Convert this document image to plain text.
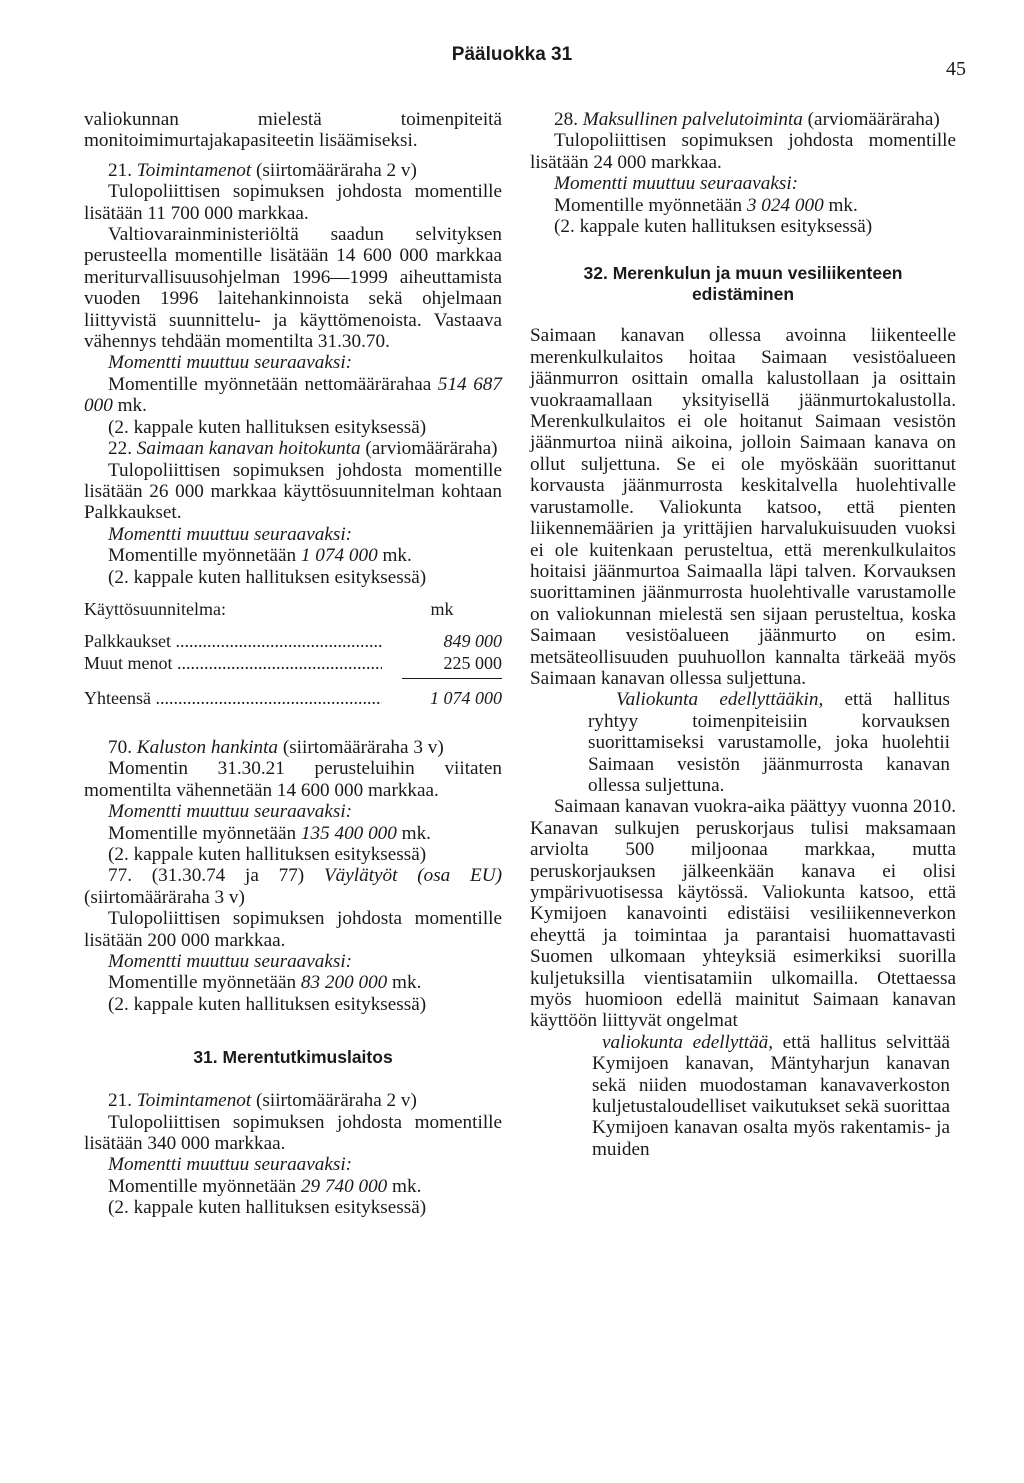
Pääluokka 31
45

valiokunnan mielestä toimenpiteitä monitoimimurtajakapasiteetin lisäämiseksi.

21. Toimintamenot (siirtomääräraha 2 v)

Tulopoliittisen sopimuksen johdosta momentille lisätään 11 700 000 markkaa.

Valtiovarainministeriöltä saadun selvityksen perusteella momentille lisätään 14 600 000 markkaa meriturvallisuusohjelman 1996—1999 aiheuttamista vuoden 1996 laitehankinnoista sekä ohjelmaan liittyvistä suunnittelu- ja käyttömenoista. Vastaava vähennys tehdään momentilta 31.30.70.

Momentti muuttuu seuraavaksi:

Momentille myönnetään nettomäärärahaa 514 687 000 mk.

(2. kappale kuten hallituksen esityksessä)

22. Saimaan kanavan hoitokunta (arviomääräraha)

Tulopoliittisen sopimuksen johdosta momentille lisätään 26 000 markkaa käyttösuunnitelman kohtaan Palkkaukset.

Momentti muuttuu seuraavaksi:

Momentille myönnetään 1 074 000 mk.

(2. kappale kuten hallituksen esityksessä)

Käyttösuunnitelma:	mk
Palkkaukset .....	849 000
Muut menot .....	225 000
Yhteensä .....	1 074 000

70. Kaluston hankinta (siirtomääräraha 3 v)

Momentin 31.30.21 perusteluihin viitaten momentilta vähennetään 14 600 000 markkaa.

Momentti muuttuu seuraavaksi:

Momentille myönnetään 135 400 000 mk.

(2. kappale kuten hallituksen esityksessä)

77. (31.30.74 ja 77) Väylätyöt (osa EU) (siirtomääräraha 3 v)

Tulopoliittisen sopimuksen johdosta momentille lisätään 200 000 markkaa.

Momentti muuttuu seuraavaksi:

Momentille myönnetään 83 200 000 mk.

(2. kappale kuten hallituksen esityksessä)

31. Merentutkimuslaitos

21. Toimintamenot (siirtomääräraha 2 v)

Tulopoliittisen sopimuksen johdosta momentille lisätään 340 000 markkaa.

Momentti muuttuu seuraavaksi:

Momentille myönnetään 29 740 000 mk.

(2. kappale kuten hallituksen esityksessä)

28. Maksullinen palvelutoiminta (arviomääräraha)

Tulopoliittisen sopimuksen johdosta momentille lisätään 24 000 markkaa.

Momentti muuttuu seuraavaksi:

Momentille myönnetään 3 024 000 mk.

(2. kappale kuten hallituksen esityksessä)

32. Merenkulun ja muun vesiliikenteen edistäminen

Saimaan kanavan ollessa avoinna liikenteelle merenkulkulaitos hoitaa Saimaan vesistöalueen jäänmurron osittain omalla kalustollaan ja osittain vuokraamallaan yksityisellä jäänmurtokalustolla. Merenkulkulaitos ei ole hoitanut Saimaan vesistön jäänmurtoa niinä aikoina, jolloin Saimaan kanava on ollut suljettuna. Se ei ole myöskään suorittanut korvausta jäänmurrosta keskitalvella huolehtivalle varustamolle. Valiokunta katsoo, että pienten liikennemäärien ja yrittäjien harvalukuisuuden vuoksi ei ole kuitenkaan perusteltua, että merenkulkulaitos hoitaisi jäänmurtoa Saimaalla läpi talven. Korvauksen suorittaminen jäänmurrosta huolehtivalle varustamolle on valiokunnan mielestä sen sijaan perusteltua, koska Saimaan vesistöalueen jäänmurto on esim. metsäteollisuuden puuhuollon kannalta tärkeää myös Saimaan kanavan ollessa suljettuna.

Valiokunta edellyttääkin, että hallitus ryhtyy toimenpiteisiin korvauksen suorittamiseksi varustamolle, joka huolehtii Saimaan vesistön jäänmurrosta kanavan ollessa suljettuna.

Saimaan kanavan vuokra-aika päättyy vuonna 2010. Kanavan sulkujen peruskorjaus tulisi maksamaan arviolta 500 miljoonaa markkaa, mutta peruskorjauksen jälkeenkään kanava ei olisi ympärivuotisessa käytössä. Valiokunta katsoo, että Kymijoen kanavointi edistäisi vesiliikenneverkon eheyttä ja toimintaa ja parantaisi huomattavasti Suomen ulkomaan yhteyksiä esimerkiksi suorilla kuljetuksilla vientisatamiin ulkomailla. Otettaessa myös huomioon edellä mainitut Saimaan kanavan käyttöön liittyvät ongelmat

valiokunta edellyttää, että hallitus selvittää Kymijoen kanavan, Mäntyharjun kanavan sekä niiden muodostaman kanavaverkoston kuljetustaloudelliset vaikutukset sekä suorittaa Kymijoen kanavan osalta myös rakentamis- ja muiden
